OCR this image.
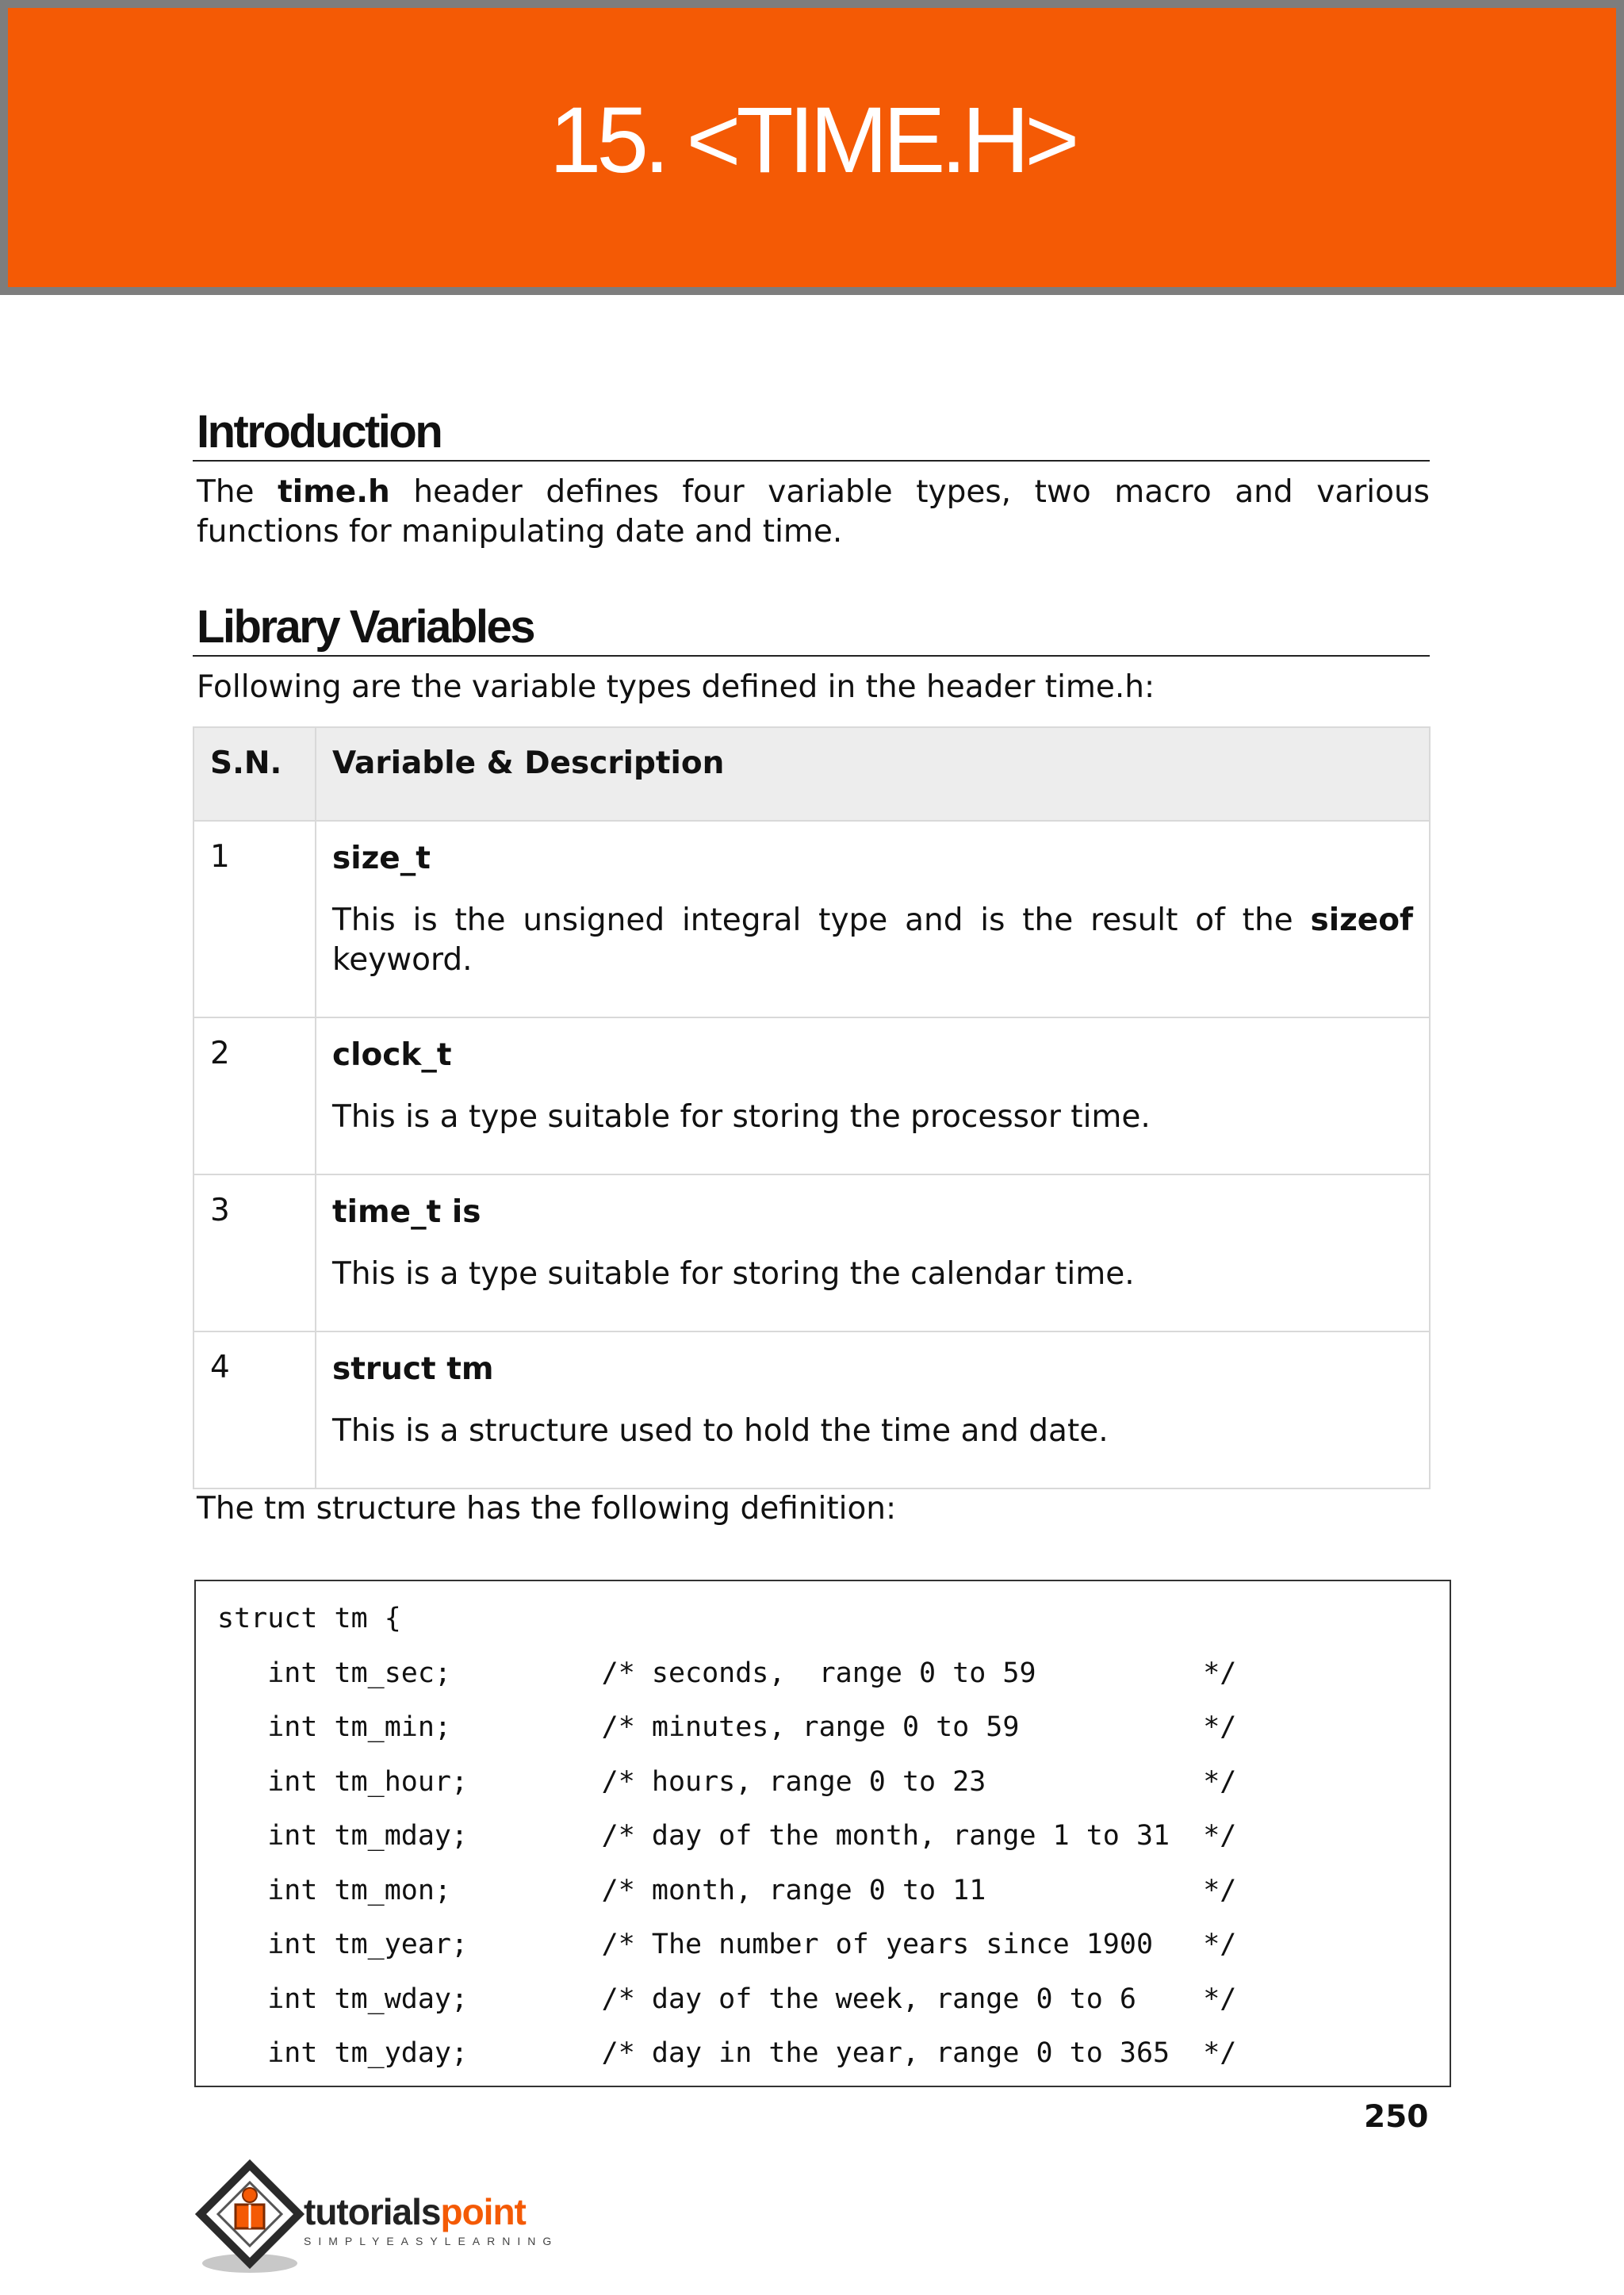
15. <TIME.H>
Introduction

The time.h header defines four variable types, two macro and various functions for manipulating date and time.

Library Variables

Following are the variable types defined in the header time.h:

S.N.	Variable & Description
1	size_t
This is the unsigned integral type and is the result of the sizeof keyword.

2	clock_t
This is a type suitable for storing the processor time.

3	time_t is
This is a type suitable for storing the calendar time.

4	struct tm
This is a structure used to hold the time and date.

The tm structure has the following definition:

struct tm {
int tm_sec;         /* seconds,  range 0 to 59          */
int tm_min;         /* minutes, range 0 to 59           */
int tm_hour;        /* hours, range 0 to 23             */
int tm_mday;        /* day of the month, range 1 to 31  */
int tm_mon;         /* month, range 0 to 11             */
int tm_year;        /* The number of years since 1900   */
int tm_wday;        /* day of the week, range 0 to 6    */
int tm_yday;        /* day in the year, range 0 to 365  */
250
tutorialspoint
SIMPLYEASYLEARNING
